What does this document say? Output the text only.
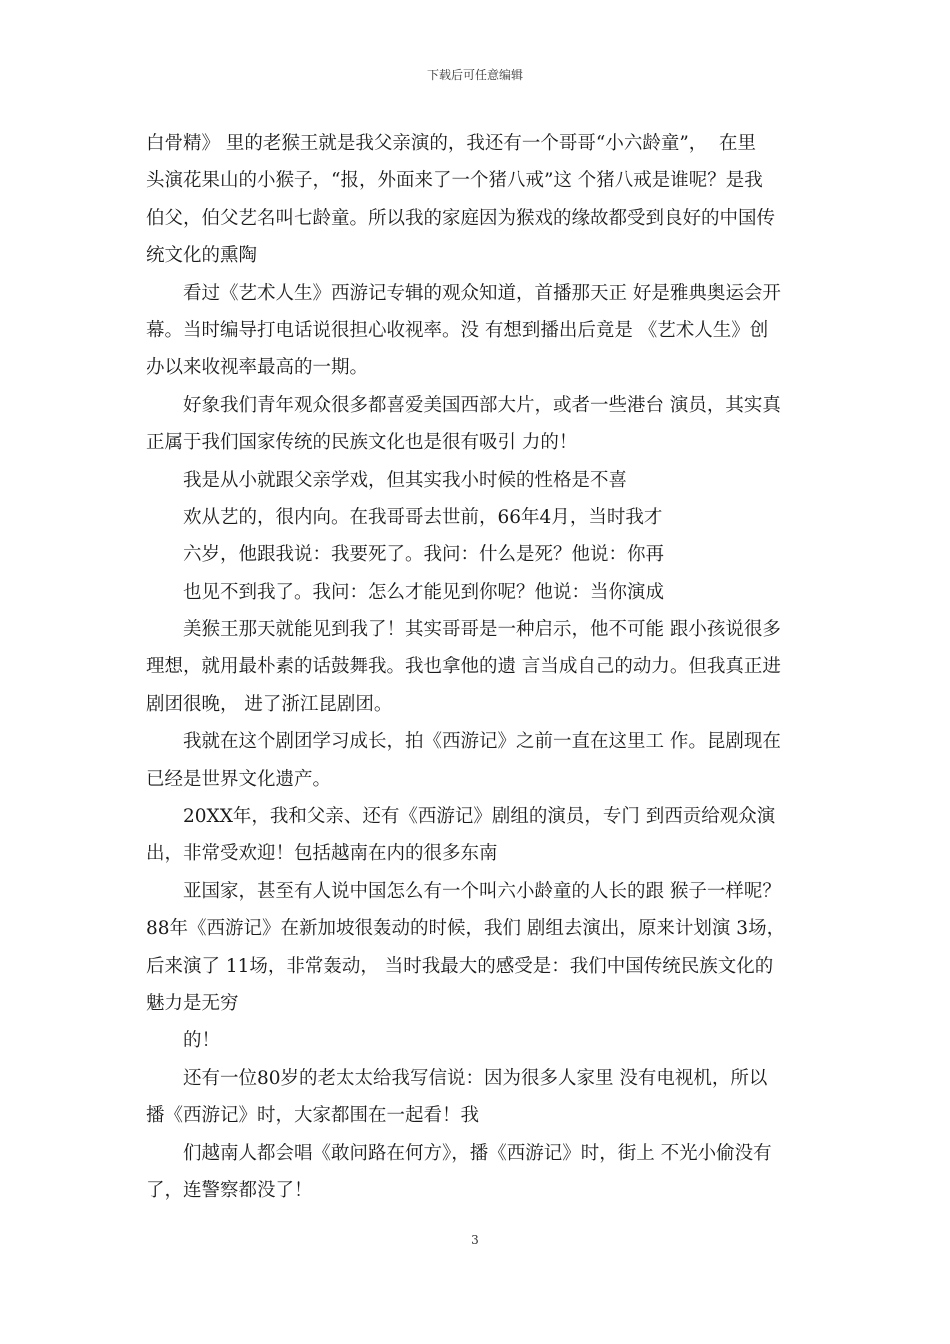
下载后可任意编辑
白骨精》 里的老猴王就是我父亲演的，我还有一个哥哥“小六龄童”，  在里
头演花果山的小猴子，“报，外面来了一个猪八戒”这 个猪八戒是谁呢？是我
伯父，伯父艺名叫七龄童。所以我的家庭因为猴戏的缘故都受到良好的中国传
统文化的熏陶
看过《艺术人生》西游记专辑的观众知道，首播那天正 好是雅典奥运会开
幕。当时编导打电话说很担心收视率。没 有想到播出后竟是 《艺术人生》创
办以来收视率最高的一期。
好象我们青年观众很多都喜爱美国西部大片，或者一些港台 演员，其实真
正属于我们国家传统的民族文化也是很有吸引 力的！
我是从小就跟父亲学戏，但其实我小时候的性格是不喜
欢从艺的，很内向。在我哥哥去世前，66年4月，当时我才
六岁，他跟我说：我要死了。我问：什么是死？他说：你再
也见不到我了。我问：怎么才能见到你呢？他说：当你演成
美猴王那天就能见到我了！其实哥哥是一种启示，他不可能 跟小孩说很多
理想，就用最朴素的话鼓舞我。我也拿他的遗 言当成自己的动力。但我真正进
剧团很晚， 进了浙江昆剧团。
我就在这个剧团学习成长，拍《西游记》之前一直在这里工 作。昆剧现在
已经是世界文化遗产。
20XX年，我和父亲、还有《西游记》剧组的演员，专门 到西贡给观众演
出，非常受欢迎！包括越南在内的很多东南
亚国家，甚至有人说中国怎么有一个叫六小龄童的人长的跟 猴子一样呢？
88年《西游记》在新加坡很轰动的时候，我们 剧组去演出，原来计划演 3场，
后来演了 11场，非常轰动， 当时我最大的感受是：我们中国传统民族文化的
魅力是无穷
的！
还有一位80岁的老太太给我写信说：因为很多人家里 没有电视机，所以
播《西游记》时，大家都围在一起看！我
们越南人都会唱《敢问路在何方》，播《西游记》时，街上 不光小偷没有
了，连警察都没了！
3
